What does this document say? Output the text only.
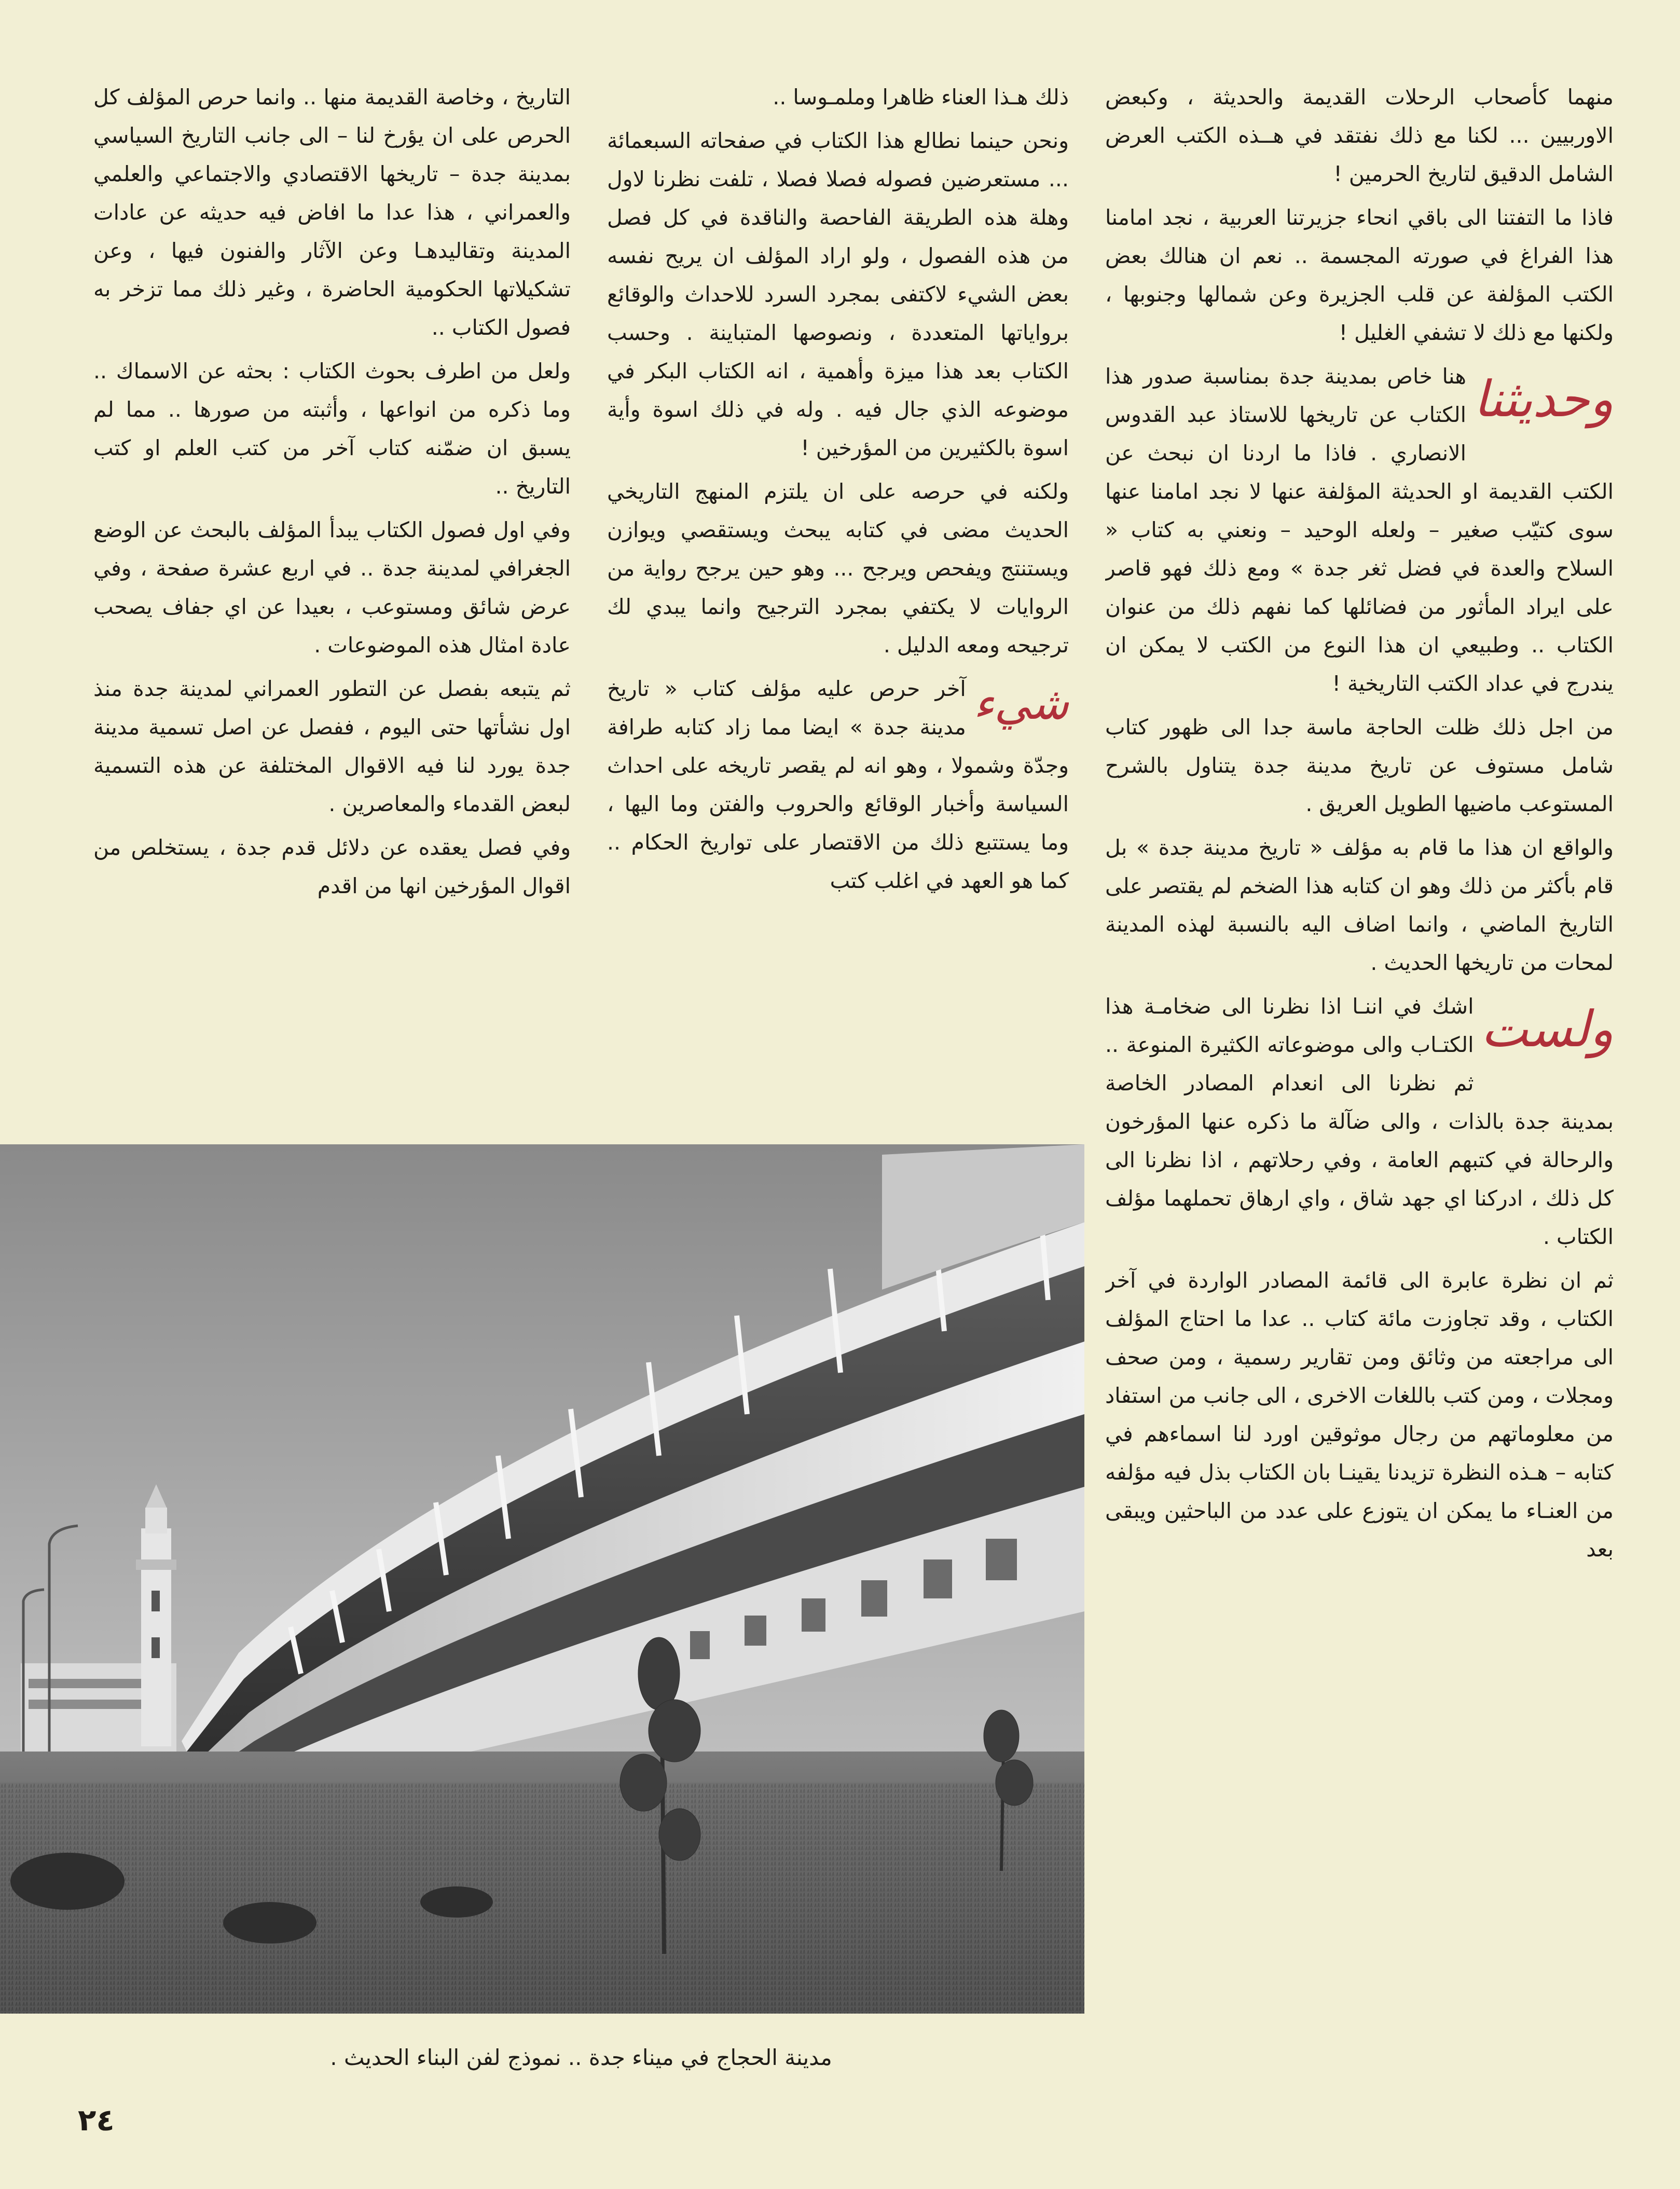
منهما كأصحاب الرحلات القديمة والحديثة ، وكبعض الاوربيين ... لكنا مع ذلك نفتقد في هــذه الكتب العرض الشامل الدقيق لتاريخ الحرمين !

فاذا ما التفتنا الى باقي انحاء جزيرتنا العربية ، نجد امامنا هذا الفراغ في صورته المجسمة .. نعم ان هنالك بعض الكتب المؤلفة عن قلب الجزيرة وعن شمالها وجنوبها ، ولكنها مع ذلك لا تشفي الغليل !

وحديثنا
هنا خاص بمدينة جدة بمناسبة صدور هذا الكتاب عن تاريخها للاستاذ عبد القدوس الانصاري . فاذا ما اردنا ان نبحث عن الكتب القديمة او الحديثة المؤلفة عنها لا نجد امامنا عنها سوى كتيّب صغير – ولعله الوحيد – ونعني به كتاب « السلاح والعدة في فضل ثغر جدة » ومع ذلك فهو قاصر على ايراد المأثور من فضائلها كما نفهم ذلك من عنوان الكتاب .. وطبيعي ان هذا النوع من الكتب لا يمكن ان يندرج في عداد الكتب التاريخية !

من اجل ذلك ظلت الحاجة ماسة جدا الى ظهور كتاب شامل مستوف عن تاريخ مدينة جدة يتناول بالشرح المستوعب ماضيها الطويل العريق .

والواقع ان هذا ما قام به مؤلف « تاريخ مدينة جدة » بل قام بأكثر من ذلك وهو ان كتابه هذا الضخم لم يقتصر على التاريخ الماضي ، وانما اضاف اليه بالنسبة لهذه المدينة لمحات من تاريخها الحديث .

ولست
اشك في اننـا اذا نظرنا الى ضخامـة هذا الكتـاب والى موضوعاته الكثيرة المنوعة .. ثم نظرنا الى انعدام المصادر الخاصة بمدينة جدة بالذات ، والى ضآلة ما ذكره عنها المؤرخون والرحالة في كتبهم العامة ، وفي رحلاتهم ، اذا نظرنا الى كل ذلك ، ادركنا اي جهد شاق ، واي ارهاق تحملهما مؤلف الكتاب .

ثم ان نظرة عابرة الى قائمة المصادر الواردة في آخر الكتاب ، وقد تجاوزت مائة كتاب .. عدا ما احتاج المؤلف الى مراجعته من وثائق ومن تقارير رسمية ، ومن صحف ومجلات ، ومن كتب باللغات الاخرى ، الى جانب من استفاد من معلوماتهم من رجال موثوقين اورد لنا اسماءهم في كتابه – هـذه النظرة تزيدنا يقينـا بان الكتاب بذل فيه مؤلفه من العنـاء ما يمكن ان يتوزع على عدد من الباحثين ويبقى بعد

ذلك هـذا العناء ظاهرا وملمـوسا ..

ونحن حينما نطالع هذا الكتاب في صفحاته السبعمائة ... مستعرضين فصوله فصلا فصلا ، تلفت نظرنا لاول وهلة هذه الطريقة الفاحصة والناقدة في كل فصل من هذه الفصول ، ولو اراد المؤلف ان يريح نفسه بعض الشيء لاكتفى بمجرد السرد للاحداث والوقائع برواياتها المتعددة ، ونصوصها المتباينة . وحسب الكتاب بعد هذا ميزة وأهمية ، انه الكتاب البكر في موضوعه الذي جال فيه . وله في ذلك اسوة وأية اسوة بالكثيرين من المؤرخين !

ولكنه في حرصه على ان يلتزم المنهج التاريخي الحديث مضى في كتابه يبحث ويستقصي ويوازن ويستنتج ويفحص ويرجح ... وهو حين يرجح رواية من الروايات لا يكتفي بمجرد الترجيح وانما يبدي لك ترجيحه ومعه الدليل .

شيء
آخر حرص عليه مؤلف كتاب « تاريخ مدينة جدة » ايضا مما زاد كتابه طرافة وجدّة وشمولا ، وهو انه لم يقصر تاريخه على احداث السياسة وأخبار الوقائع والحروب والفتن وما اليها ، وما يستتبع ذلك من الاقتصار على تواريخ الحكام .. كما هو العهد في اغلب كتب

التاريخ ، وخاصة القديمة منها .. وانما حرص المؤلف كل الحرص على ان يؤرخ لنا – الى جانب التاريخ السياسي بمدينة جدة – تاريخها الاقتصادي والاجتماعي والعلمي والعمراني ، هذا عدا ما افاض فيه حديثه عن عادات المدينة وتقاليدهـا وعن الآثار والفنون فيها ، وعن تشكيلاتها الحكومية الحاضرة ، وغير ذلك مما تزخر به فصول الكتاب ..

ولعل من اطرف بحوث الكتاب : بحثه عن الاسماك .. وما ذكره من انواعها ، وأثبته من صورها .. مما لم يسبق ان ضمّنه كتاب آخر من كتب العلم او كتب التاريخ ..

وفي اول فصول الكتاب يبدأ المؤلف بالبحث عن الوضع الجغرافي لمدينة جدة .. في اربع عشرة صفحة ، وفي عرض شائق ومستوعب ، بعيدا عن اي جفاف يصحب عادة امثال هذه الموضوعات .

ثم يتبعه بفصل عن التطور العمراني لمدينة جدة منذ اول نشأتها حتى اليوم ، ففصل عن اصل تسمية مدينة جدة يورد لنا فيه الاقوال المختلفة عن هذه التسمية لبعض القدماء والمعاصرين .

وفي فصل يعقده عن دلائل قدم جدة ، يستخلص من اقوال المؤرخين انها من اقدم

مدينة الحجاج في ميناء جدة .. نموذج لفن البناء الحديث .
٢٤
